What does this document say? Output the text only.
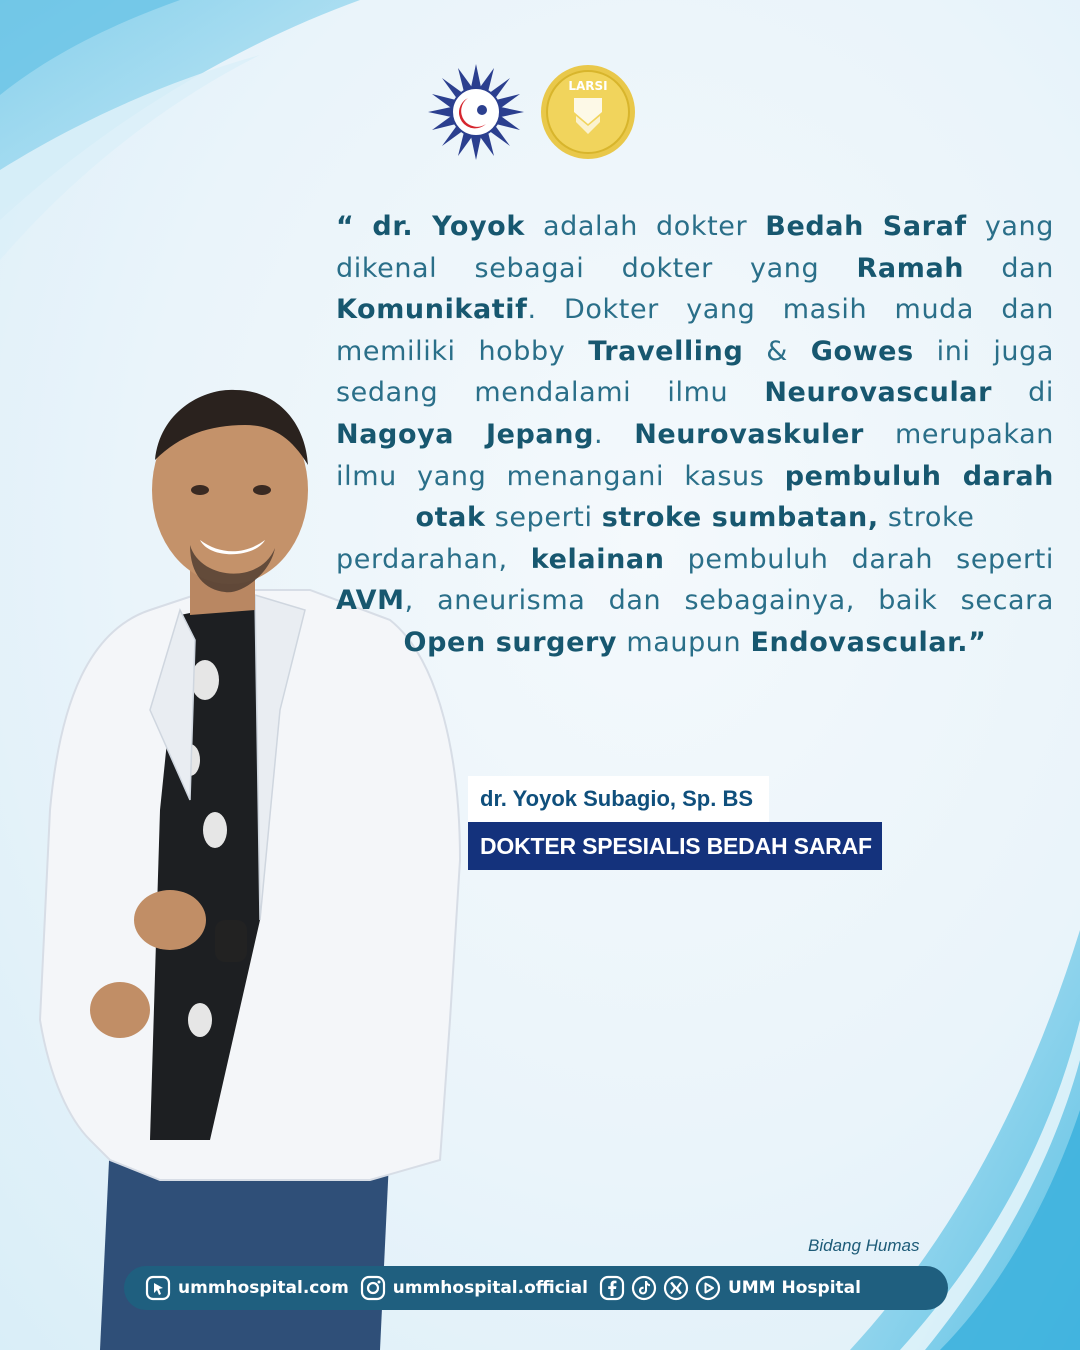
LARSI
“ dr. Yoyok adalah dokter Bedah Saraf yang
dikenal sebagai dokter yang Ramah dan
Komunikatif. Dokter yang masih muda dan
memiliki hobby Travelling & Gowes ini juga
sedang mendalami ilmu Neurovascular di
Nagoya Jepang. Neurovaskuler merupakan
ilmu yang menangani kasus pembuluh darah
otak seperti stroke sumbatan, stroke
perdarahan, kelainan pembuluh darah seperti
AVM, aneurisma dan sebagainya, baik secara
Open surgery maupun Endovascular.”
dr. Yoyok Subagio, Sp. BS
DOKTER SPESIALIS BEDAH SARAF
Bidang Humas
ummhospital.com	ummhospital.official	UMM Hospital
